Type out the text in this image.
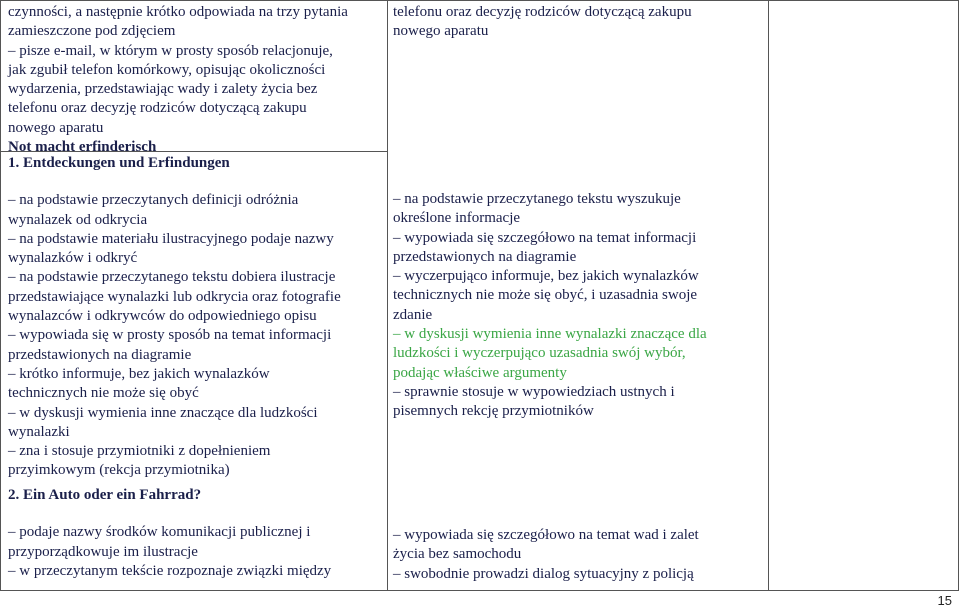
czynności, a następnie krótko odpowiada na trzy pytania
zamieszczone pod zdjęciem
– pisze e-mail, w którym w prosty sposób relacjonuje,
jak zgubił telefon komórkowy, opisując okoliczności
wydarzenia, przedstawiając wady i zalety życia bez
telefonu oraz decyzję rodziców dotyczącą zakupu
nowego aparatu
Not macht erfinderisch
1. Entdeckungen und Erfindungen
– na podstawie przeczytanych definicji odróżnia
wynalazek od odkrycia
– na podstawie materiału ilustracyjnego podaje nazwy
wynalazków i odkryć
– na podstawie przeczytanego tekstu dobiera ilustracje
przedstawiające wynalazki lub odkrycia oraz fotografie
wynalazców i odkrywców do odpowiedniego opisu
– wypowiada się w prosty sposób na temat informacji
przedstawionych na diagramie
– krótko informuje, bez jakich wynalazków
technicznych nie może się obyć
– w dyskusji wymienia inne znaczące dla ludzkości
wynalazki
– zna i stosuje przymiotniki z dopełnieniem
przyimkowym (rekcja przymiotnika)
2. Ein Auto oder ein Fahrrad?
– podaje nazwy środków komunikacji publicznej i
przyporządkowuje im ilustracje
– w przeczytanym tekście rozpoznaje związki między
telefonu oraz decyzję rodziców dotyczącą zakupu
nowego aparatu
– na podstawie przeczytanego tekstu wyszukuje
określone informacje
– wypowiada się szczegółowo na temat informacji
przedstawionych na diagramie
– wyczerpująco informuje, bez jakich wynalazków
technicznych nie może się obyć, i uzasadnia swoje
zdanie
– w dyskusji wymienia inne wynalazki znaczące dla
ludzkości i wyczerpująco uzasadnia swój wybór,
podając właściwe argumenty
– sprawnie stosuje w wypowiedziach ustnych i
pisemnych rekcję przymiotników
– wypowiada się szczegółowo na temat wad i zalet
życia bez samochodu
– swobodnie prowadzi dialog sytuacyjny z policją
15
